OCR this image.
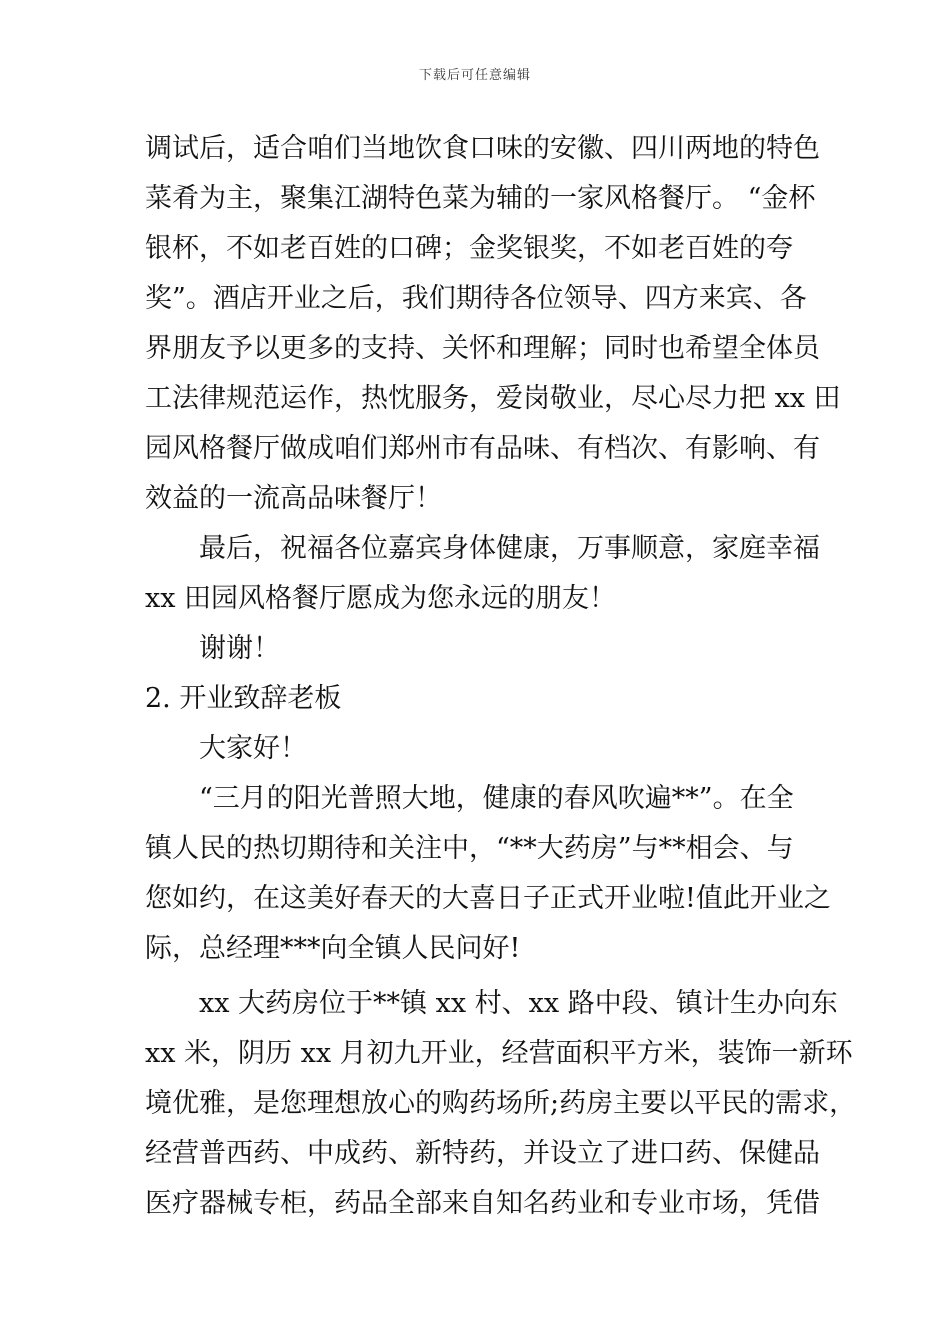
下载后可任意编辑
调试后，适合咱们当地饮食口味的安徽、四川两地的特色
菜肴为主，聚集江湖特色菜为辅的一家风格餐厅。 “金杯
银杯，不如老百姓的口碑；金奖银奖，不如老百姓的夸
奖”。酒店开业之后，我们期待各位领导、四方来宾、各
界朋友予以更多的支持、关怀和理解；同时也希望全体员
工法律规范运作，热忱服务，爱岗敬业，尽心尽力把 xx 田
园风格餐厅做成咱们郑州市有品味、有档次、有影响、有
效益的一流高品味餐厅！
最后，祝福各位嘉宾身体健康，万事顺意，家庭幸福
xx 田园风格餐厅愿成为您永远的朋友！
谢谢！
2. 开业致辞老板
大家好！
“三月的阳光普照大地，健康的春风吹遍**”。在全
镇人民的热切期待和关注中，“**大药房”与**相会、与
您如约，在这美好春天的大喜日子正式开业啦!值此开业之
际，总经理***向全镇人民问好!
xx 大药房位于**镇 xx 村、xx 路中段、镇计生办向东
xx 米，阴历 xx 月初九开业，经营面积平方米，装饰一新环
境优雅，是您理想放心的购药场所;药房主要以平民的需求，
经营普西药、中成药、新特药，并设立了进口药、保健品
医疗器械专柜，药品全部来自知名药业和专业市场，凭借
